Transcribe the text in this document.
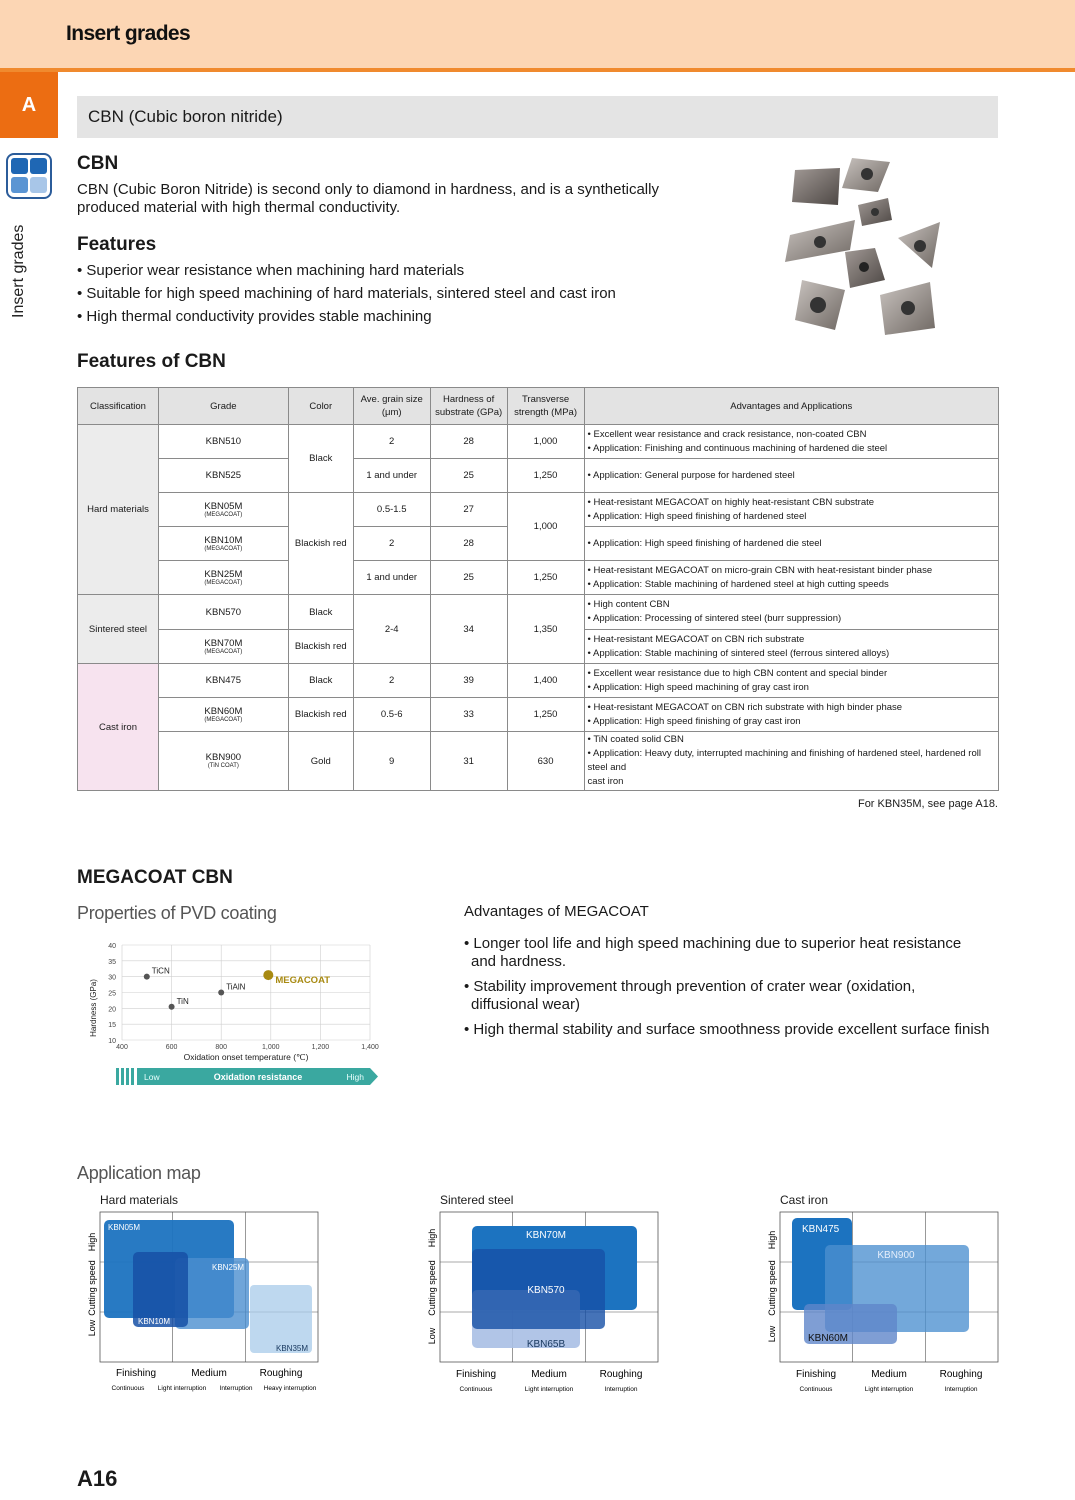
Insert grades
A
Insert grades
CBN (Cubic boron nitride)
CBN
CBN (Cubic Boron Nitride) is second only to diamond in hardness, and is a synthetically
produced material with high thermal conductivity.
Features
• Superior wear resistance when machining hard materials
• Suitable for high speed machining of hard materials, sintered steel and cast iron
• High thermal conductivity provides stable machining
Features of CBN
Classification	Grade	Color	Ave. grain size
(μm)	Hardness of
substrate (GPa)	Transverse
strength (MPa)	Advantages and Applications
Hard materials	KBN510	Black	2	28	1,000	• Excellent wear resistance and crack resistance, non-coated CBN
• Application: Finishing and continuous machining of hardened die steel
	KBN525		1 and under	25	1,250	• Application: General purpose for hardened steel
	KBN05M
(MEGACOAT)	Blackish red	0.5-1.5	27	1,000	• Heat-resistant MEGACOAT on highly heat-resistant CBN substrate
• Application: High speed finishing of hardened steel
	KBN10M
(MEGACOAT)		2	28		• Application: High speed finishing of hardened die steel
	KBN25M
(MEGACOAT)		1 and under	25	1,250	• Heat-resistant MEGACOAT on micro-grain CBN with heat-resistant binder phase
• Application: Stable machining of hardened steel at high cutting speeds
Sintered steel	KBN570	Black	2-4	34	1,350	• High content CBN
• Application: Processing of sintered steel (burr suppression)
	KBN70M
(MEGACOAT)	Blackish red				• Heat-resistant MEGACOAT on CBN rich substrate
• Application: Stable machining of sintered steel (ferrous sintered alloys)
Cast iron	KBN475	Black	2	39	1,400	• Excellent wear resistance due to high CBN content and special binder
• Application: High speed machining of gray cast iron
	KBN60M
(MEGACOAT)	Blackish red	0.5-6	33	1,250	• Heat-resistant MEGACOAT on CBN rich substrate with high binder phase
• Application: High speed finishing of gray cast iron
	KBN900
(TiN COAT)	Gold	9	31	630	• TiN coated solid CBN
• Application: Heavy duty, interrupted machining and finishing of hardened steel, hardened roll steel and
cast iron
For KBN35M, see page A18.
MEGACOAT CBN
Properties of PVD coating
10
15
20
25
30
35
40
400	600	800	1,000	1,200	1,400
TiCN
TiN
TiAlN
MEGACOAT
Oxidation onset temperature (℃)
Hardness (GPa)
Low	Oxidation resistance	High
Advantages of MEGACOAT
• Longer tool life and high speed machining due to superior heat resistance
and hardness.
• Stability improvement through prevention of crater wear (oxidation,
diffusional wear)
• High thermal stability and surface smoothness provide excellent surface finish
Application map
Hard materials
KBN05M
KBN25M
KBN10M
KBN35M
Cutting speed
High
Low
Finishing	Medium	Roughing
Continuous Light interruption Interruption Heavy interruption
Sintered steel
KBN70M
KBN570
KBN65B
Cutting speed
High
Low
Finishing	Medium	Roughing
Continuous	Light interruption	Interruption
Cast iron
KBN475
KBN900
KBN60M
Cutting speed
High
Low
Finishing	Medium	Roughing
Continuous	Light interruption	Interruption
A16
